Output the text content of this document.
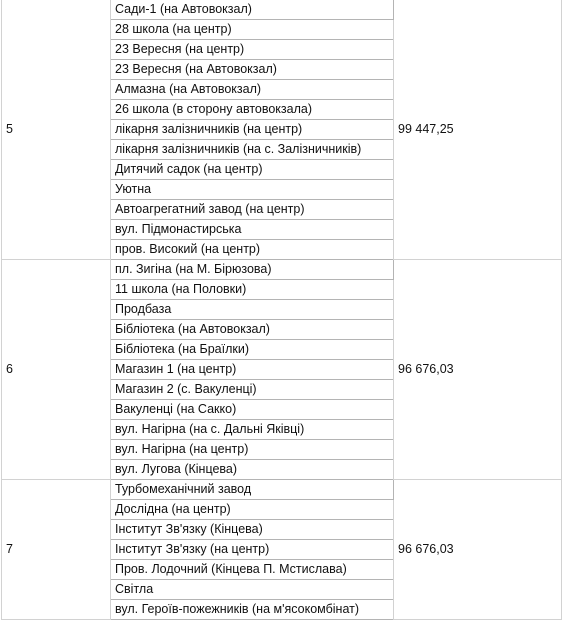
5	Сади-1 (на Автовокзал)	99 447,25
	28 школа (на центр)	
	23 Вересня (на центр)	
	23 Вересня (на Автовокзал)	
	Алмазна (на Автовокзал)	
	26 школа (в сторону автовокзала)	
	лікарня залізничників (на центр)	
	лікарня залізничників (на с. Залізничників)	
	Дитячий садок (на центр)	
	Уютна	
	Автоагрегатний завод (на центр)	
	вул. Підмонастирська	
	пров. Високий (на центр)	
6	пл. Зигіна (на М. Бірюзова)	96 676,03
	11 школа (на Половки)	
	Продбаза	
	Бібліотека (на Автовокзал)	
	Бібліотека (на Браїлки)	
	Магазин 1 (на центр)	
	Магазин 2 (с. Вакуленці)	
	Вакуленці (на Сакко)	
	вул. Нагірна (на с. Дальні Яківці)	
	вул. Нагірна (на центр)	
	вул. Лугова (Кінцева)	
7	Турбомеханічний завод	96 676,03
	Дослідна (на центр)	
	Інститут Зв'язку (Кінцева)	
	Інститут Зв'язку (на центр)	
	Пров. Лодочний (Кінцева П. Мстислава)	
	Світла	
	вул. Героїв-пожежників (на м'ясокомбінат)	
